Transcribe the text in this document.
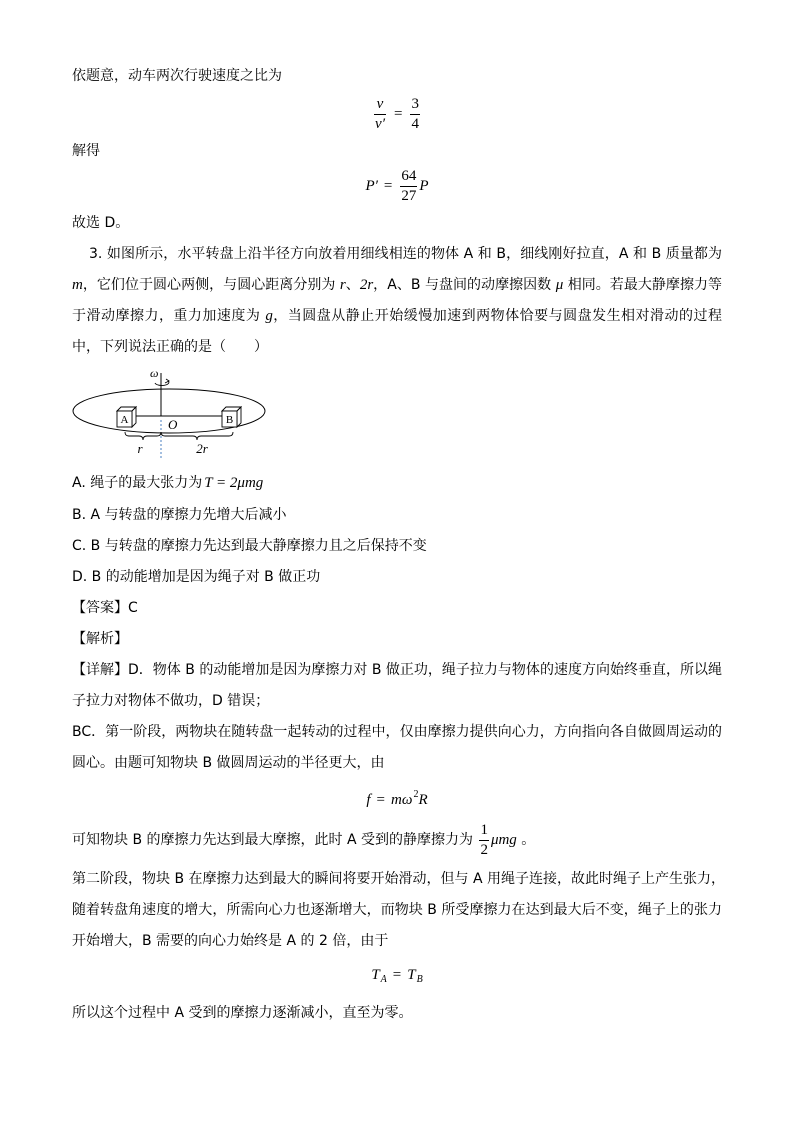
依题意，动车两次行驶速度之比为
$\frac{v}{v'} = \frac{3}{4}$
解得
$P' = \frac{64}{27}$ P
故选 D。
3. 如图所示，水平转盘上沿半径方向放着用细线相连的物体 A 和 B，细线刚好拉直，A 和 B 质量都为
m，它们位于圆心两侧，与圆心距离分别为 r、2r，A、B 与盘间的动摩擦因数 μ 相同。若最大静摩擦力等
于滑动摩擦力，重力加速度为 g，当圆盘从静止开始缓慢加速到两物体恰要与圆盘发生相对滑动的过程
中，下列说法正确的是（　　）
ω
A	B
O
r	2r
A. 绳子的最大张力为 T = 2μmg
B. A 与转盘的摩擦力先增大后减小
C. B 与转盘的摩擦力先达到最大静摩擦力且之后保持不变
D. B 的动能增加是因为绳子对 B 做正功
【答案】C
【解析】
【详解】D．物体 B 的动能增加是因为摩擦力对 B 做正功，绳子拉力与物体的速度方向始终垂直，所以绳
子拉力对物体不做功，D 错误；
BC．第一阶段，两物块在随转盘一起转动的过程中，仅由摩擦力提供向心力，方向指向各自做圆周运动的
圆心。由题可知物块 B 做圆周运动的半径更大，由
f = m ω 2 R
可知物块 B 的摩擦力先达到最大摩擦，此时 A 受到的静摩擦力为 $\frac{1}{2}$ μmg 。
第二阶段，物块 B 在摩擦力达到最大的瞬间将要开始滑动，但与 A 用绳子连接，故此时绳子上产生张力，
随着转盘角速度的增大，所需向心力也逐渐增大，而物块 B 所受摩擦力在达到最大后不变，绳子上的张力
开始增大，B 需要的向心力始终是 A 的 2 倍，由于
T A = T B
所以这个过程中 A 受到的摩擦力逐渐减小，直至为零。
